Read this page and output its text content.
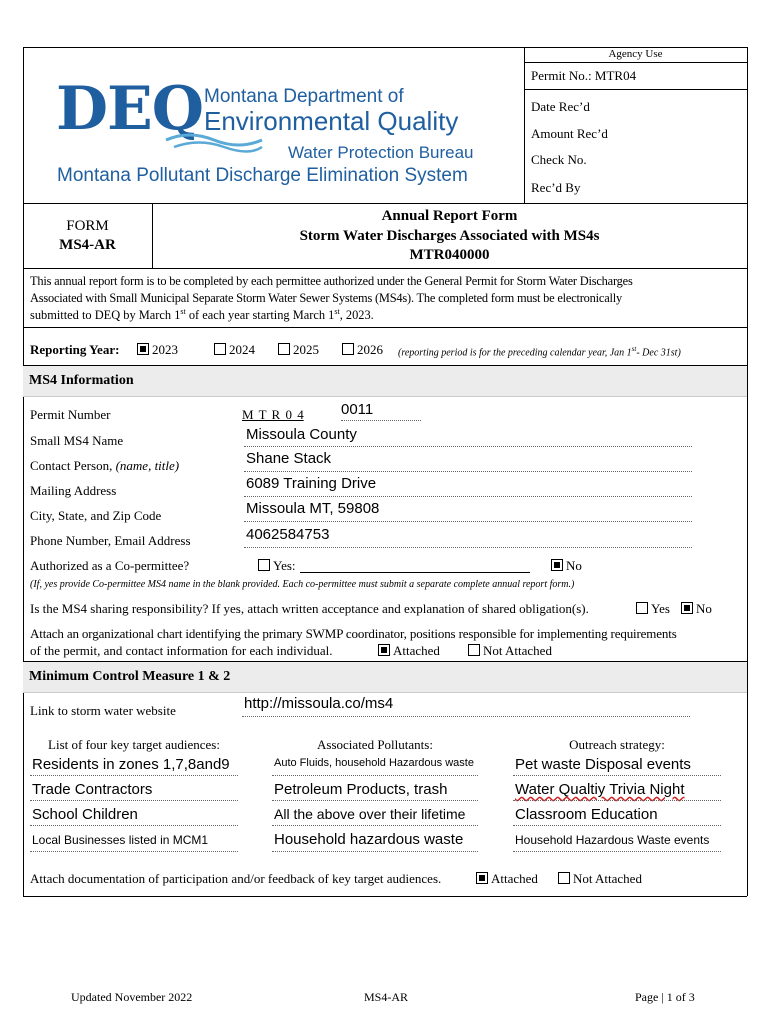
DEQ Montana Department of
Environmental Quality
Water Protection Bureau
Montana Pollutant Discharge Elimination System
Agency Use
Permit No.: MTR04
Date Rec’d
Amount Rec’d
Check No.
Rec’d By
FORM
MS4-AR
Annual Report Form
Storm Water Discharges Associated with MS4s
MTR040000
This annual report form is to be completed by each permittee authorized under the General Permit for Storm Water Discharges
Associated with Small Municipal Separate Storm Water Sewer Systems (MS4s). The completed form must be electronically
submitted to DEQ by March 1st of each year starting March 1st, 2023.
Reporting Year:	2023	2024	2025	2026 (reporting period is for the preceding calendar year, Jan 1st- Dec 31st)
MS4 Information
Permit Number	M T R 0 4 0011
Small MS4 Name	Missoula County
Contact Person, (name, title)	Shane Stack
Mailing Address	6089 Training Drive
City, State, and Zip Code	Missoula MT, 59808
Phone Number, Email Address	4062584753
Authorized as a Co-permittee?	Yes:	No
(If, yes provide Co-permittee MS4 name in the blank provided. Each co-permittee must submit a separate complete annual report form.)
Is the MS4 sharing responsibility? If yes, attach written acceptance and explanation of shared obligation(s).	Yes	No
Attach an organizational chart identifying the primary SWMP coordinator, positions responsible for implementing requirements
of the permit, and contact information for each individual.	Attached	Not Attached
Minimum Control Measure 1 & 2
Link to storm water website	http://missoula.co/ms4
List of four key target audiences:	Associated Pollutants:	Outreach strategy:
Residents in zones 1,7,8and9	Auto Fluids, household Hazardous waste	Pet waste Disposal events
Trade Contractors	Petroleum Products, trash	Water Qualtiy Trivia Night
School Children	All the above over their lifetime	Classroom Education
Local Businesses listed in MCM1	Household hazardous waste	Household Hazardous Waste events
Attach documentation of participation and/or feedback of key target audiences.	Attached	Not Attached
Updated November 2022	MS4-AR	Page | 1 of 3
